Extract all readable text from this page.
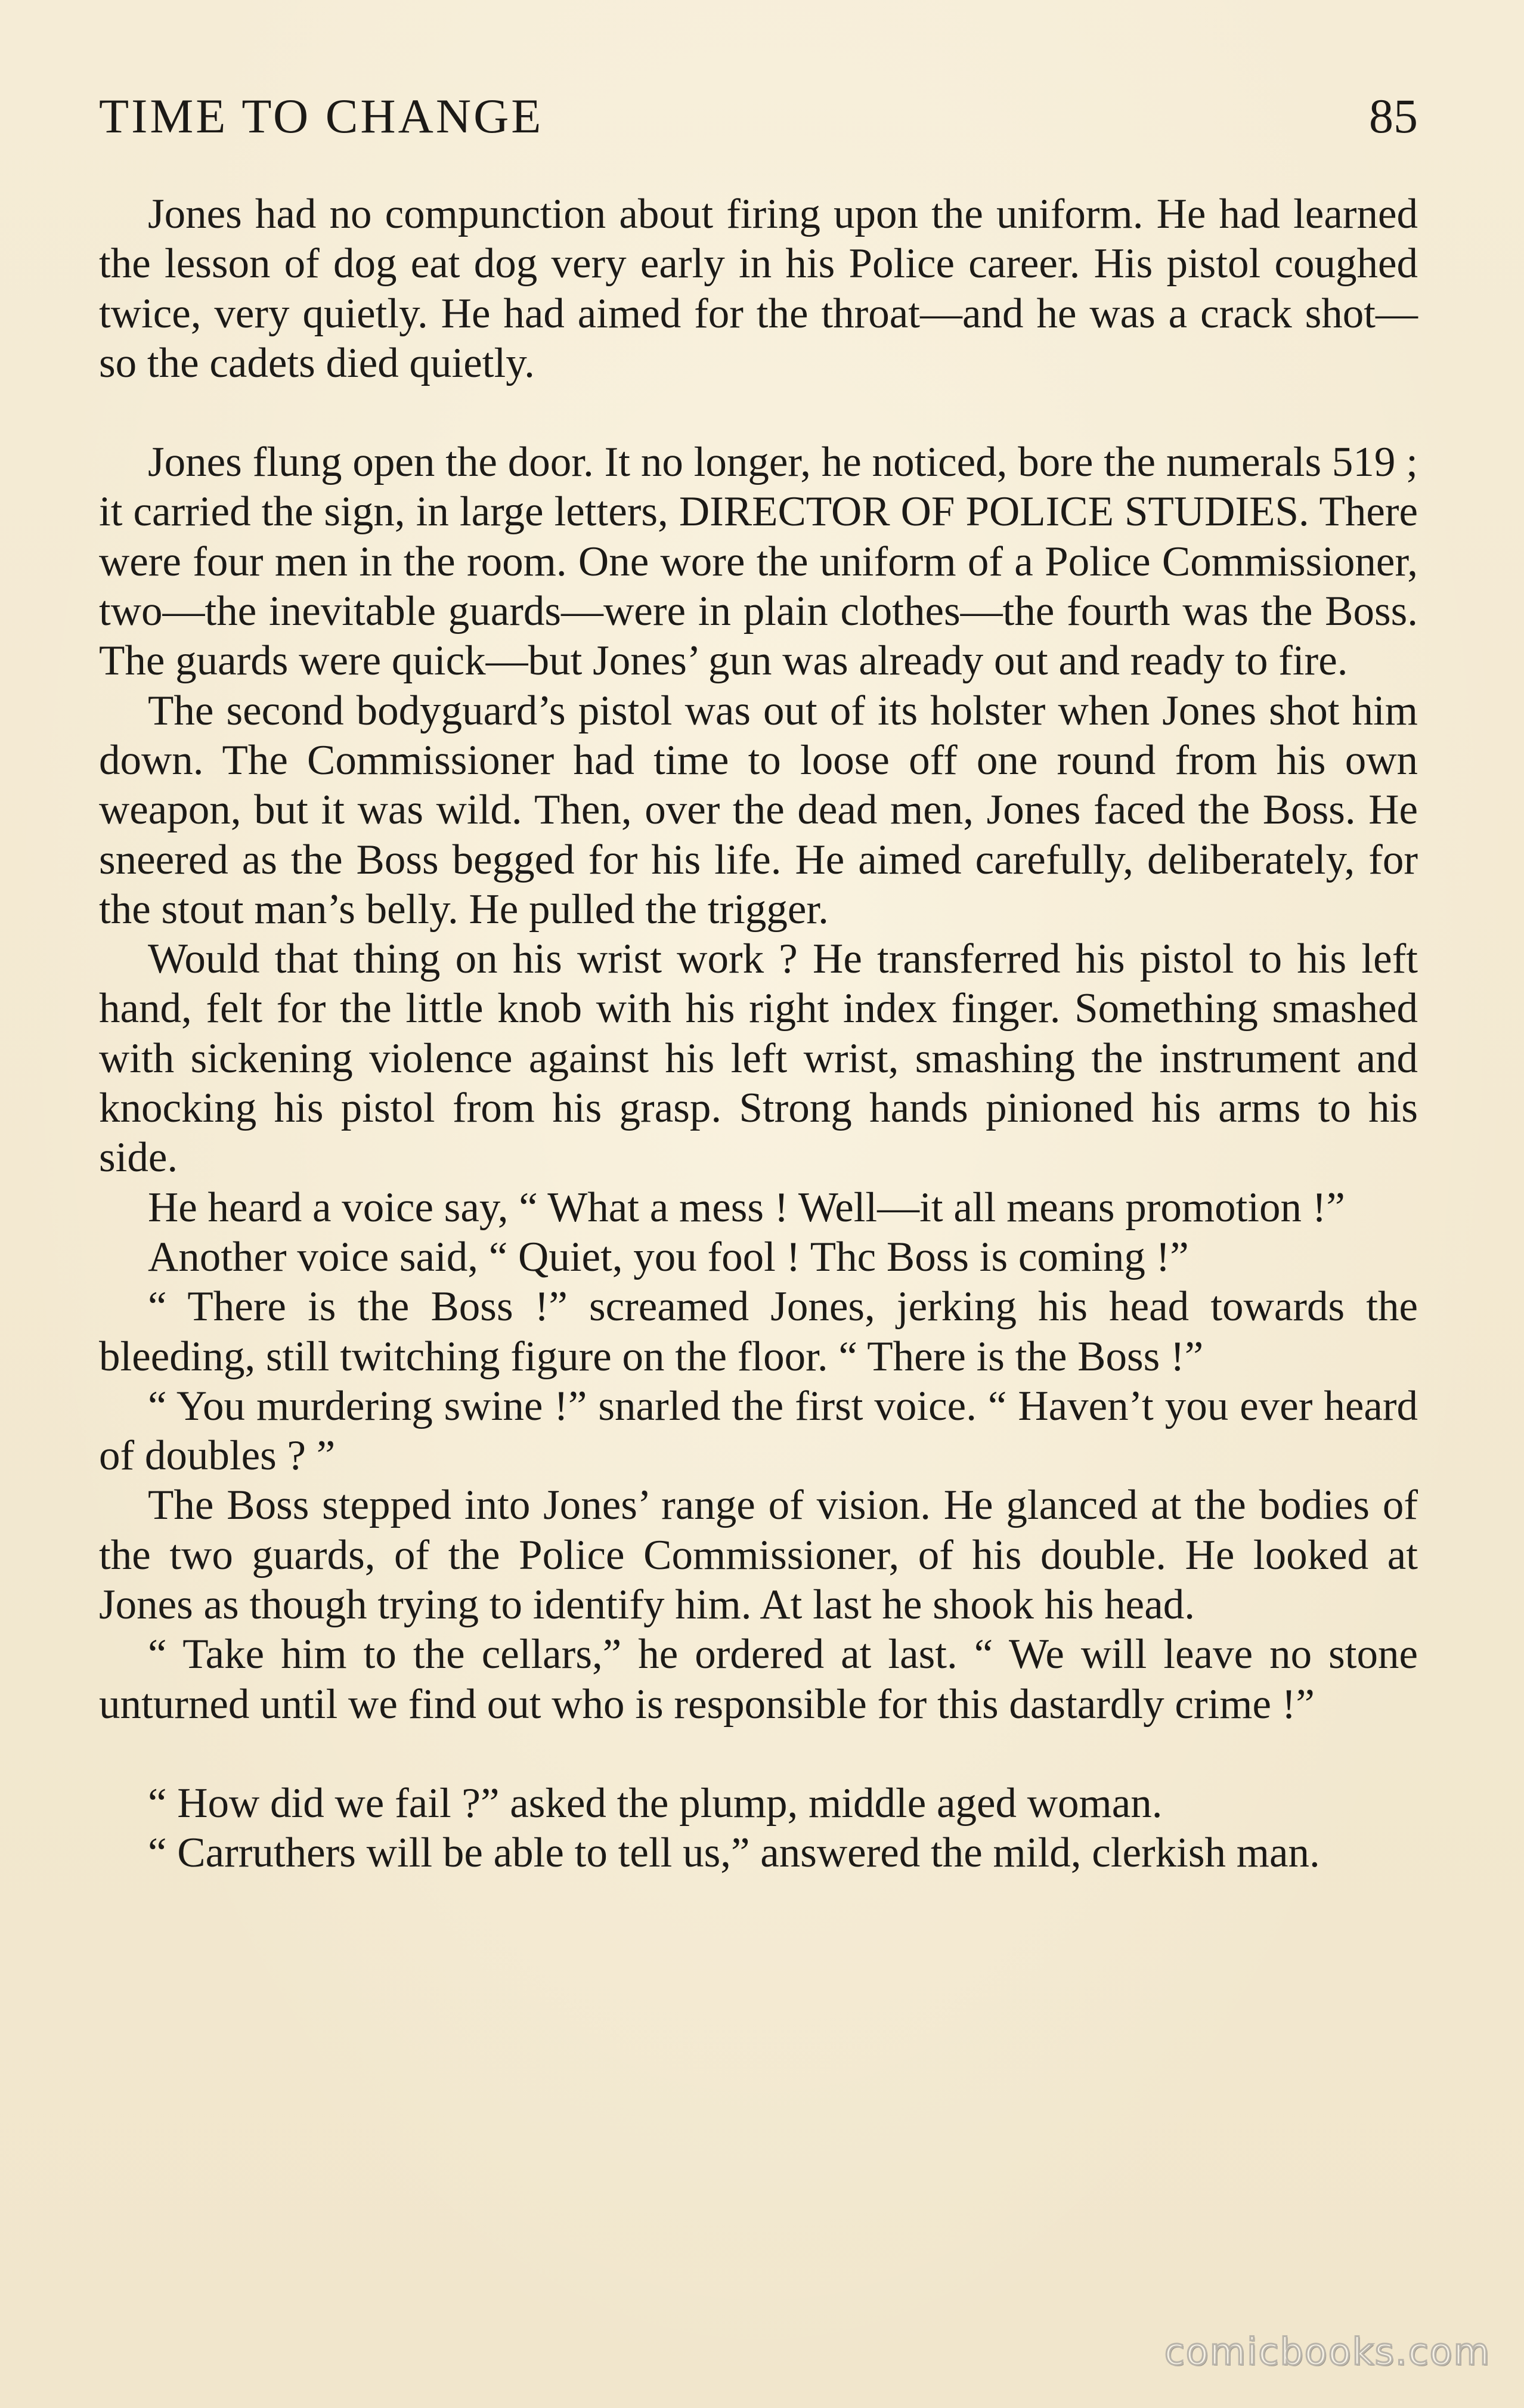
TIME TO CHANGE	85

Jones had no compunction about firing upon the uniform. He had learned the lesson of dog eat dog very early in his Police career. His pistol coughed twice, very quietly. He had aimed for the throat—and he was a crack shot—so the cadets died quietly.

Jones flung open the door. It no longer, he noticed, bore the numerals 519 ; it carried the sign, in large letters, DIRECTOR OF POLICE STUDIES. There were four men in the room. One wore the uniform of a Police Commissioner, two—the inevitable guards—were in plain clothes—the fourth was the Boss. The guards were quick—but Jones’ gun was already out and ready to fire.

The second bodyguard’s pistol was out of its holster when Jones shot him down. The Commissioner had time to loose off one round from his own weapon, but it was wild. Then, over the dead men, Jones faced the Boss. He sneered as the Boss begged for his life. He aimed carefully, deliberately, for the stout man’s belly. He pulled the trigger.

Would that thing on his wrist work ? He transferred his pistol to his left hand, felt for the little knob with his right index finger. Something smashed with sickening violence against his left wrist, smashing the instrument and knocking his pistol from his grasp. Strong hands pinioned his arms to his side.

He heard a voice say, “ What a mess ! Well—it all means promotion !”

Another voice said, “ Quiet, you fool ! Thc Boss is coming !”

“ There is the Boss !” screamed Jones, jerking his head towards the bleeding, still twitching figure on the floor. “ There is the Boss !”

“ You murdering swine !” snarled the first voice. “ Haven’t you ever heard of doubles ? ”

The Boss stepped into Jones’ range of vision. He glanced at the bodies of the two guards, of the Police Commissioner, of his double. He looked at Jones as though trying to identify him. At last he shook his head.

“ Take him to the cellars,” he ordered at last. “ We will leave no stone unturned until we find out who is responsible for this dastardly crime !”

“ How did we fail ?” asked the plump, middle aged woman.

“ Carruthers will be able to tell us,” answered the mild, clerkish man.

comicbooks.com
